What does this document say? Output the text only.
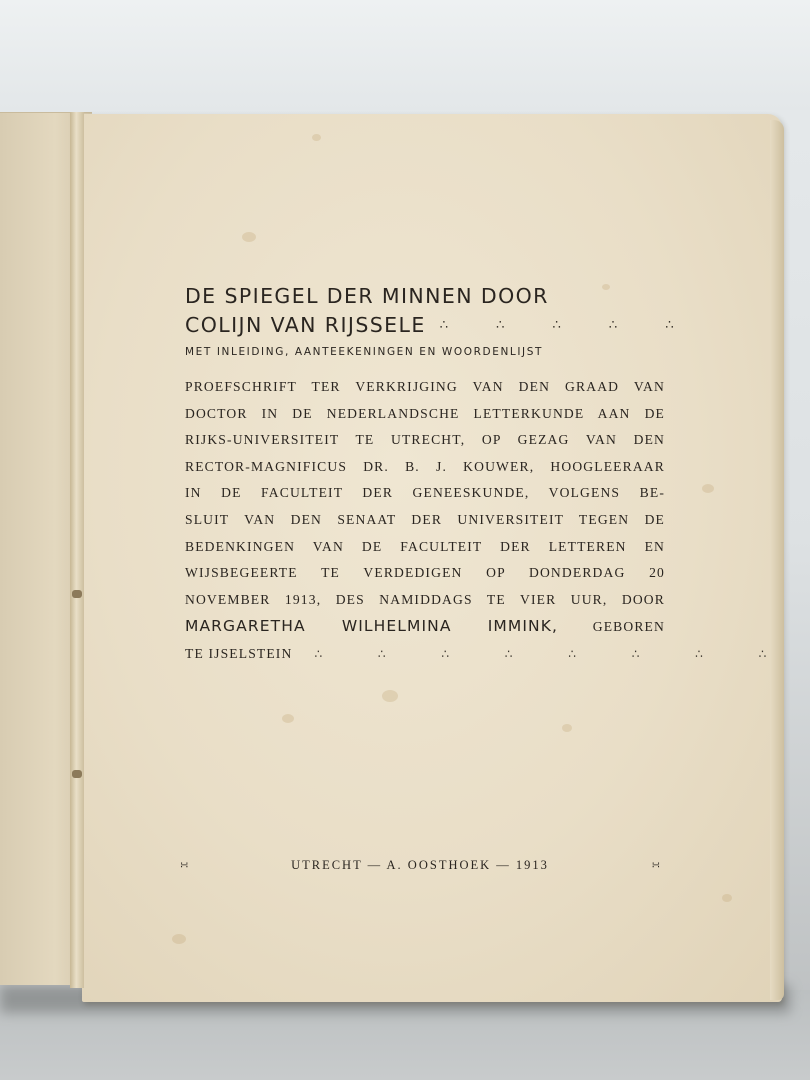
DE SPIEGEL DER MINNEN DOOR
COLIJN VAN RIJSSELE ∴ ∴ ∴ ∴ ∴
MET INLEIDING, AANTEEKENINGEN EN WOORDENLIJST
PROEFSCHRIFT TER VERKRIJGING VAN DEN GRAAD VAN
DOCTOR IN DE NEDERLANDSCHE LETTERKUNDE AAN DE
RIJKS-UNIVERSITEIT TE UTRECHT, OP GEZAG VAN DEN
RECTOR-MAGNIFICUS DR. B. J. KOUWER, HOOGLEERAAR
IN DE FACULTEIT DER GENEESKUNDE, VOLGENS BE-
SLUIT VAN DEN SENAAT DER UNIVERSITEIT TEGEN DE
BEDENKINGEN VAN DE FACULTEIT DER LETTEREN EN
WIJSBEGEERTE TE VERDEDIGEN OP DONDERDAG 20
NOVEMBER 1913, DES NAMIDDAGS TE VIER UUR, DOOR
MARGARETHA WILHELMINA IMMINK,	GEBOREN
TE IJSELSTEIN ∴ ∴ ∴ ∴ ∴ ∴ ∴ ∴
∺	UTRECHT — A. OOSTHOEK — 1913	∺
